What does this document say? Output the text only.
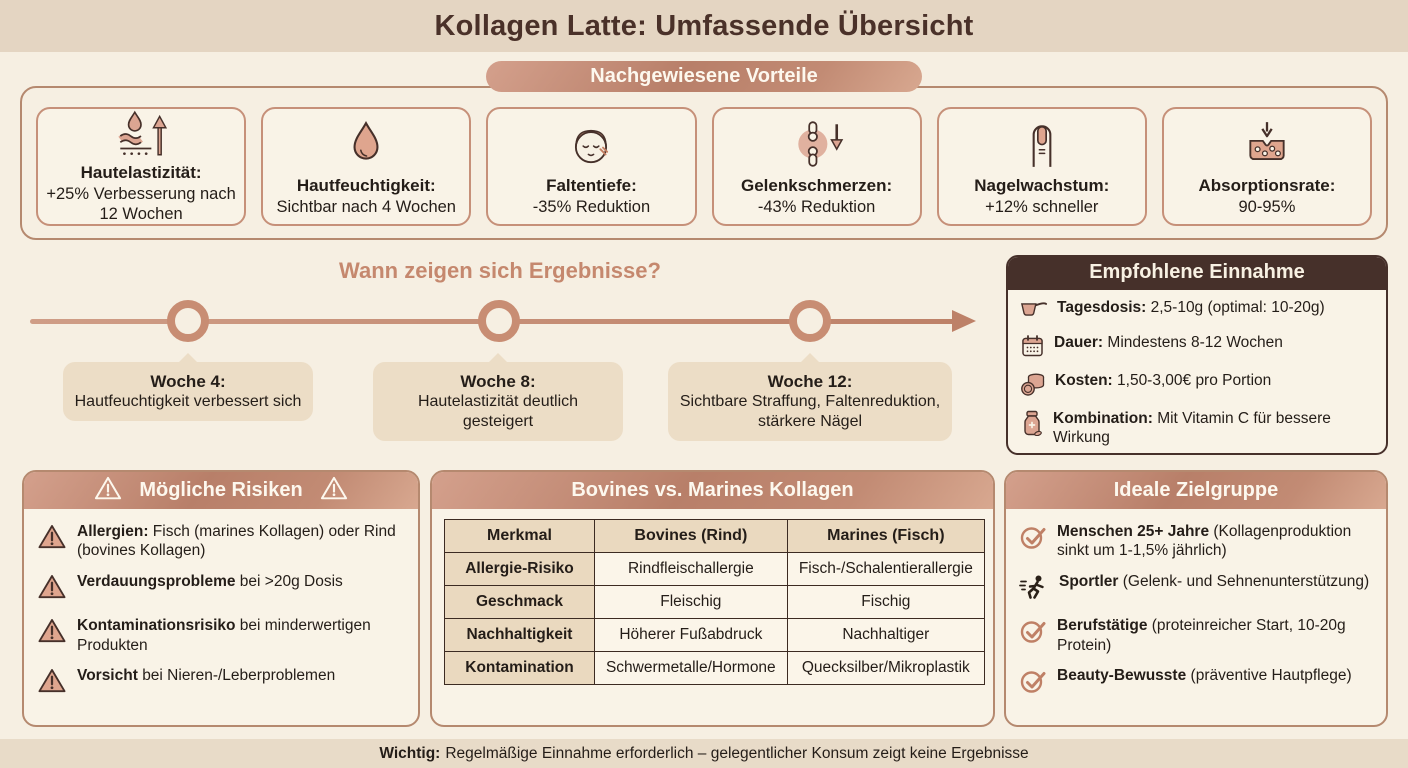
Kollagen Latte: Umfassende Übersicht
Nachgewiesene Vorteile
Hautelastizität:
+25% Verbesserung nach 12 Wochen
Hautfeuchtigkeit:
Sichtbar nach 4 Wochen
Faltentiefe:
-35% Reduktion
Gelenkschmerzen:
-43% Reduktion
Nagelwachstum:
+12% schneller
Absorptionsrate:
90-95%
Wann zeigen sich Ergebnisse?
Woche 4:
Hautfeuchtigkeit verbessert sich
Woche 8:
Hautelastizität deutlich gesteigert
Woche 12:
Sichtbare Straffung, Faltenreduktion, stärkere Nägel
Empfohlene Einnahme
Tagesdosis: 2,5-10g (optimal: 10-20g)
Dauer: Mindestens 8-12 Wochen
Kosten: 1,50-3,00€ pro Portion
Kombination: Mit Vitamin C für bessere Wirkung
Mögliche Risiken
Allergien: Fisch (marines Kollagen) oder Rind (bovines Kollagen)
Verdauungsprobleme bei >20g Dosis
Kontaminationsrisiko bei minderwertigen Produkten
Vorsicht bei Nieren-/Leberproblemen
Bovines vs. Marines Kollagen
Merkmal	Bovines (Rind)	Marines (Fisch)
Allergie-Risiko	Rindfleischallergie	Fisch-/Schalentierallergie
Geschmack	Fleischig	Fischig
Nachhaltigkeit	Höherer Fußabdruck	Nachhaltiger
Kontamination	Schwermetalle/Hormone	Quecksilber/Mikroplastik
Ideale Zielgruppe
Menschen 25+ Jahre (Kollagenproduktion sinkt um 1-1,5% jährlich)
Sportler (Gelenk- und Sehnenunterstützung)
Berufstätige (proteinreicher Start, 10-20g Protein)
Beauty-Bewusste (präventive Hautpflege)
Wichtig: Regelmäßige Einnahme erforderlich – gelegentlicher Konsum zeigt keine Ergebnisse
